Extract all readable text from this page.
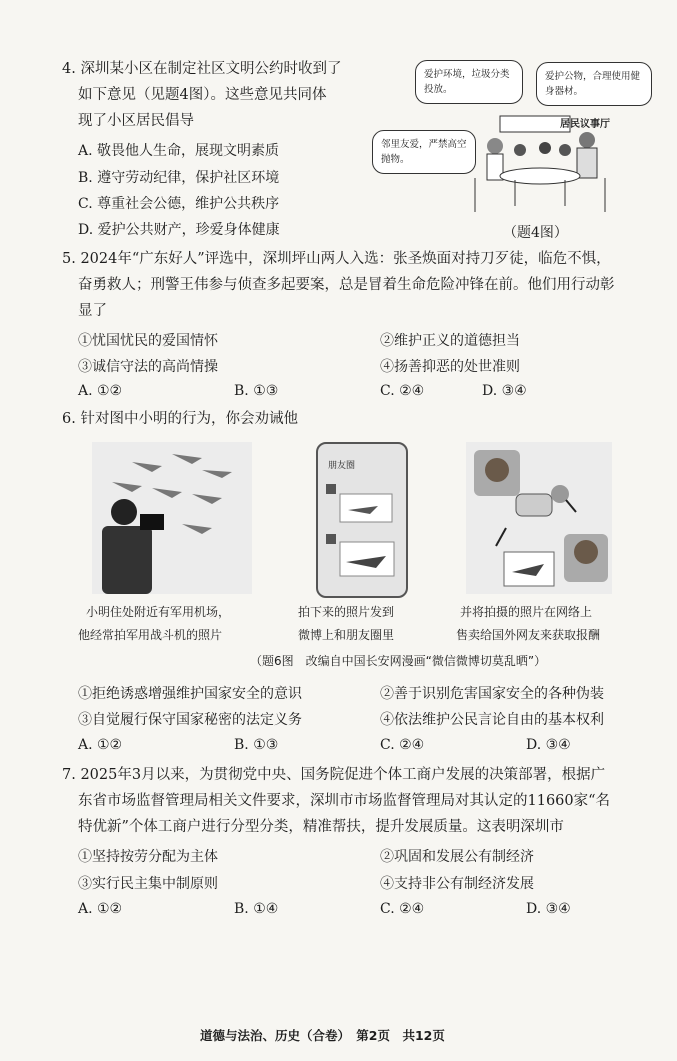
4. 深圳某小区在制定社区文明公约时收到了
如下意见（见题4图）。这些意见共同体
现了小区居民倡导
A. 敬畏他人生命，展现文明素质
B. 遵守劳动纪律，保护社区环境
C. 尊重社会公德，维护公共秩序
D. 爱护公共财产，珍爱身体健康
爱护环境，垃圾分类投放。
爱护公物，合理使用健身器材。
邻里友爱，严禁高空抛物。
居民议事厅
（题4图）
5. 2024年“广东好人”评选中，深圳坪山两人入选：张圣焕面对持刀歹徒，临危不惧，
奋勇救人；刑警王伟参与侦查多起要案，总是冒着生命危险冲锋在前。他们用行动彰
显了
①忧国忧民的爱国情怀	②维护正义的道德担当
③诚信守法的高尚情操	④扬善抑恶的处世准则
A. ①②	B. ①③	C. ②④	D. ③④
6. 针对图中小明的行为，你会劝诫他
朋友圈
小明住处附近有军用机场，
他经常拍军用战斗机的照片
拍下来的照片发到
微博上和朋友圈里
并将拍摄的照片在网络上
售卖给国外网友来获取报酬
（题6图　改编自中国长安网漫画“微信微博切莫乱晒”）
①拒绝诱惑增强维护国家安全的意识	②善于识别危害国家安全的各种伪装
③自觉履行保守国家秘密的法定义务	④依法维护公民言论自由的基本权利
A. ①②	B. ①③	C. ②④	D. ③④
7. 2025年3月以来，为贯彻党中央、国务院促进个体工商户发展的决策部署，根据广
东省市场监督管理局相关文件要求，深圳市市场监督管理局对其认定的11660家“名
特优新”个体工商户进行分型分类，精准帮扶，提升发展质量。这表明深圳市
①坚持按劳分配为主体	②巩固和发展公有制经济
③实行民主集中制原则	④支持非公有制经济发展
A. ①②	B. ①④	C. ②④	D. ③④
道德与法治、历史（合卷）　第2页　共12页
